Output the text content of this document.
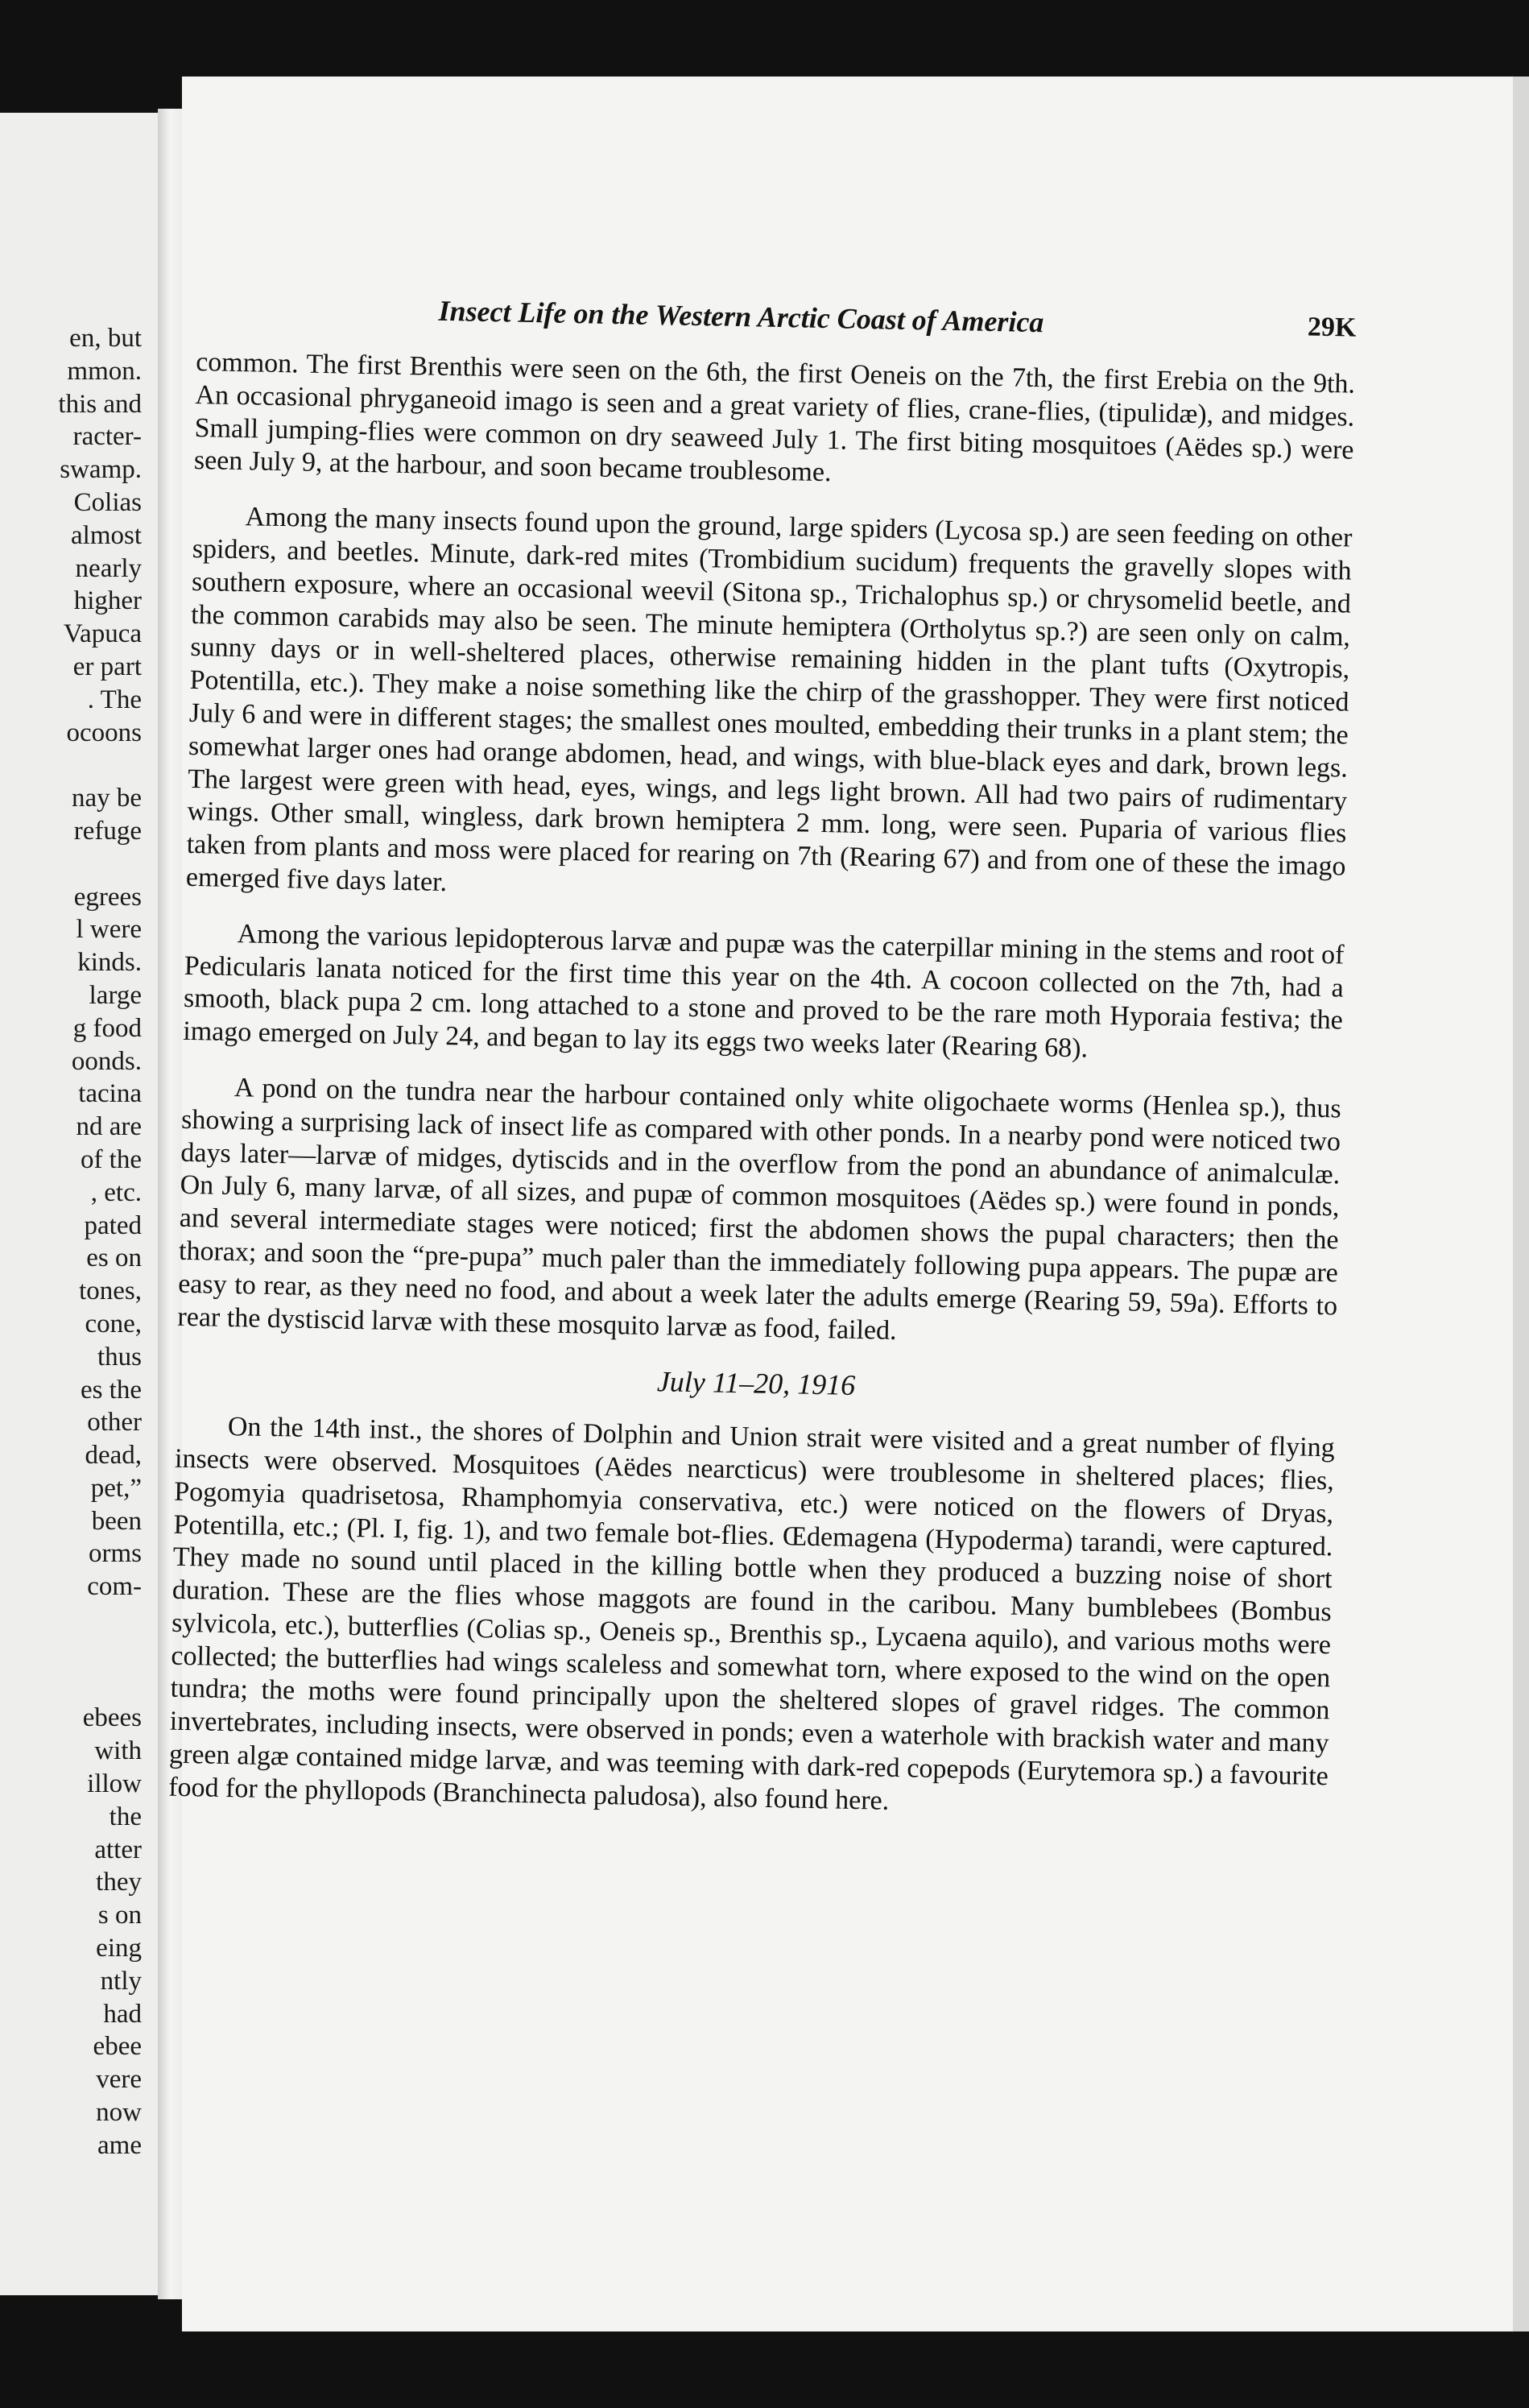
en, but
mmon.
this and
racter-
swamp.
Colias
almost
nearly
higher
Vapuca
er part
. The
ocoons
nay be
refuge
egrees
l were
kinds.
large
g food
oonds.
tacina
nd are
of the
, etc.
pated
es on
tones,
cone,
thus
es the
other
dead,
pet,”
been
orms
com-
ebees
with
illow
the
atter
they
s on
eing
ntly
had
ebee
vere
now
ame
Insect Life on the Western Arctic Coast of America	29K

common. The first Brenthis were seen on the 6th, the first Oeneis on the 7th, the first Erebia on the 9th. An occasional phryganeoid imago is seen and a great variety of flies, crane-flies, (tipulidæ), and midges. Small jumping-flies were common on dry seaweed July 1. The first biting mosquitoes (Aëdes sp.) were seen July 9, at the harbour, and soon became troublesome.

Among the many insects found upon the ground, large spiders (Lycosa sp.) are seen feeding on other spiders, and beetles. Minute, dark-red mites (Trombidium sucidum) frequents the gravelly slopes with southern exposure, where an occasional weevil (Sitona sp., Trichalophus sp.) or chrysomelid beetle, and the common carabids may also be seen. The minute hemiptera (Ortholytus sp.?) are seen only on calm, sunny days or in well-sheltered places, otherwise remaining hidden in the plant tufts (Oxytropis, Potentilla, etc.). They make a noise something like the chirp of the grasshopper. They were first noticed July 6 and were in different stages; the smallest ones moulted, embedding their trunks in a plant stem; the somewhat larger ones had orange abdomen, head, and wings, with blue-black eyes and dark, brown legs. The largest were green with head, eyes, wings, and legs light brown. All had two pairs of rudimentary wings. Other small, wingless, dark brown hemiptera 2 mm. long, were seen. Puparia of various flies taken from plants and moss were placed for rearing on 7th (Rearing 67) and from one of these the imago emerged five days later.

Among the various lepidopterous larvæ and pupæ was the caterpillar mining in the stems and root of Pedicularis lanata noticed for the first time this year on the 4th. A cocoon collected on the 7th, had a smooth, black pupa 2 cm. long attached to a stone and proved to be the rare moth Hyporaia festiva; the imago emerged on July 24, and began to lay its eggs two weeks later (Rearing 68).

A pond on the tundra near the harbour contained only white oligochaete worms (Henlea sp.), thus showing a surprising lack of insect life as compared with other ponds. In a nearby pond were noticed two days later—larvæ of midges, dytiscids and in the overflow from the pond an abundance of animalculæ. On July 6, many larvæ, of all sizes, and pupæ of common mosquitoes (Aëdes sp.) were found in ponds, and several intermediate stages were noticed; first the abdomen shows the pupal characters; then the thorax; and soon the “pre-pupa” much paler than the immediately following pupa appears. The pupæ are easy to rear, as they need no food, and about a week later the adults emerge (Rearing 59, 59a). Efforts to rear the dystiscid larvæ with these mosquito larvæ as food, failed.

July 11–20, 1916

On the 14th inst., the shores of Dolphin and Union strait were visited and a great number of flying insects were observed. Mosquitoes (Aëdes nearcticus) were troublesome in sheltered places; flies, Pogomyia quadrisetosa, Rhamphomyia conservativa, etc.) were noticed on the flowers of Dryas, Potentilla, etc.; (Pl. I, fig. 1), and two female bot-flies. Œdemagena (Hypoderma) tarandi, were captured. They made no sound until placed in the killing bottle when they produced a buzzing noise of short duration. These are the flies whose maggots are found in the caribou. Many bumblebees (Bombus sylvicola, etc.), butterflies (Colias sp., Oeneis sp., Brenthis sp., Lycaena aquilo), and various moths were collected; the butterflies had wings scaleless and somewhat torn, where exposed to the wind on the open tundra; the moths were found principally upon the sheltered slopes of gravel ridges. The common invertebrates, including insects, were observed in ponds; even a waterhole with brackish water and many green algæ contained midge larvæ, and was teeming with dark-red copepods (Eurytemora sp.) a favourite food for the phyllopods (Branchinecta paludosa), also found here.
